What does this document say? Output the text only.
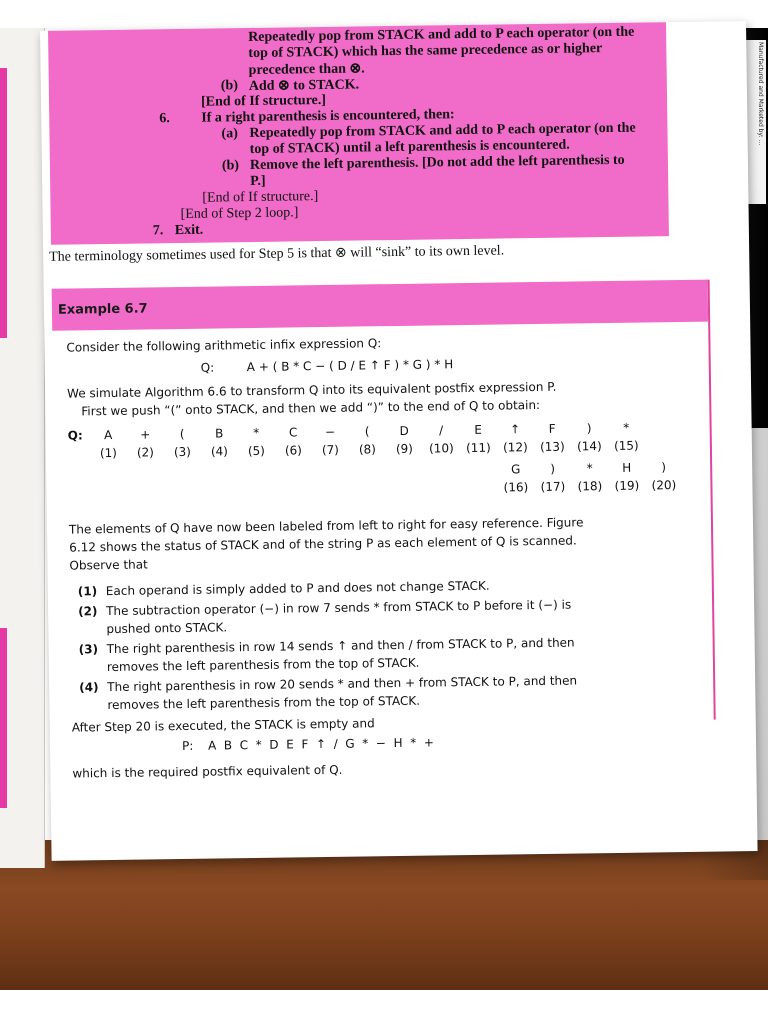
Manufactured and Marketed by: ...
Repeatedly pop from STACK and add to P each operator (on the
top of STACK) which has the same precedence as or higher
precedence than ⊗.
(b) Add ⊗ to STACK.
[End of If structure.]
6. If a right parenthesis is encountered, then:
(a) Repeatedly pop from STACK and add to P each operator (on the
top of STACK) until a left parenthesis is encountered.
(b) Remove the left parenthesis. [Do not add the left parenthesis to
P.]
[End of If structure.]
[End of Step 2 loop.]
7. Exit.
The terminology sometimes used for Step 5 is that ⊗ will “sink” to its own level.
Example 6.7
Consider the following arithmetic infix expression Q:
Q:	A + ( B * C − ( D / E ↑ F ) * G ) * H
We simulate Algorithm 6.6 to transform Q into its equivalent postfix expression P.
First we push “(” onto STACK, and then we add “)” to the end of Q to obtain:
Q:	A	+	(	B	*	C	−	(	D	/	E	↑	F	)	*
(1)	(2)	(3)	(4)	(5)	(6)	(7)	(8)	(9)	(10)	(11)	(12)	(13)	(14)	(15)
G	)	*	H	)
(16)	(17)	(18)	(19)	(20)
The elements of Q have now been labeled from left to right for easy reference. Figure
6.12 shows the status of STACK and of the string P as each element of Q is scanned.
Observe that
(1) Each operand is simply added to P and does not change STACK.
(2) The subtraction operator (−) in row 7 sends * from STACK to P before it (−) is
pushed onto STACK.
(3) The right parenthesis in row 14 sends ↑ and then / from STACK to P, and then
removes the left parenthesis from the top of STACK.
(4) The right parenthesis in row 20 sends * and then + from STACK to P, and then
removes the left parenthesis from the top of STACK.
After Step 20 is executed, the STACK is empty and
P: A  B  C  *  D  E  F  ↑  /  G  *  −  H  *  +
which is the required postfix equivalent of Q.
